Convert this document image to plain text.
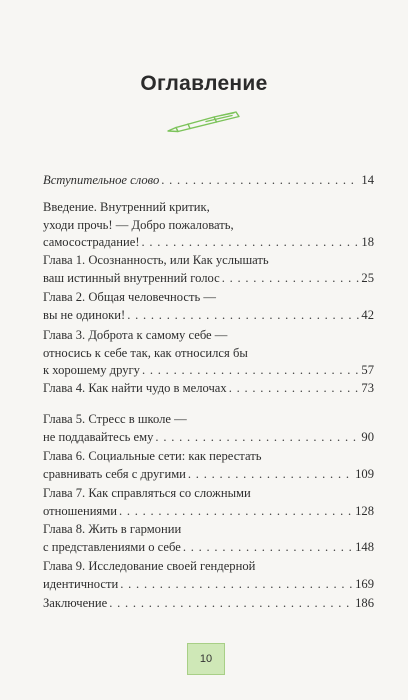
Оглавление
Вступительное слово . . .	14
Введение. Внутренний критик,
уходи прочь! — Добро пожаловать,
самосострадание! . . .	18
Глава 1. Осознанность, или Как услышать
ваш истинный внутренний голос . . .	25
Глава 2. Общая человечность —
вы не одиноки! . . .	42
Глава 3. Доброта к самому себе —
относись к себе так, как относился бы
к хорошему другу . . .	57
Глава 4. Как найти чудо в мелочах . . .	73
Глава 5. Стресс в школе —
не поддавайтесь ему . . .	90
Глава 6. Социальные сети: как перестать
сравнивать себя с другими . . .	109
Глава 7. Как справляться со сложными
отношениями . . .	128
Глава 8. Жить в гармонии
с представлениями о себе . . .	148
Глава 9. Исследование своей гендерной
идентичности . . .	169
Заключение . . .	186
10
